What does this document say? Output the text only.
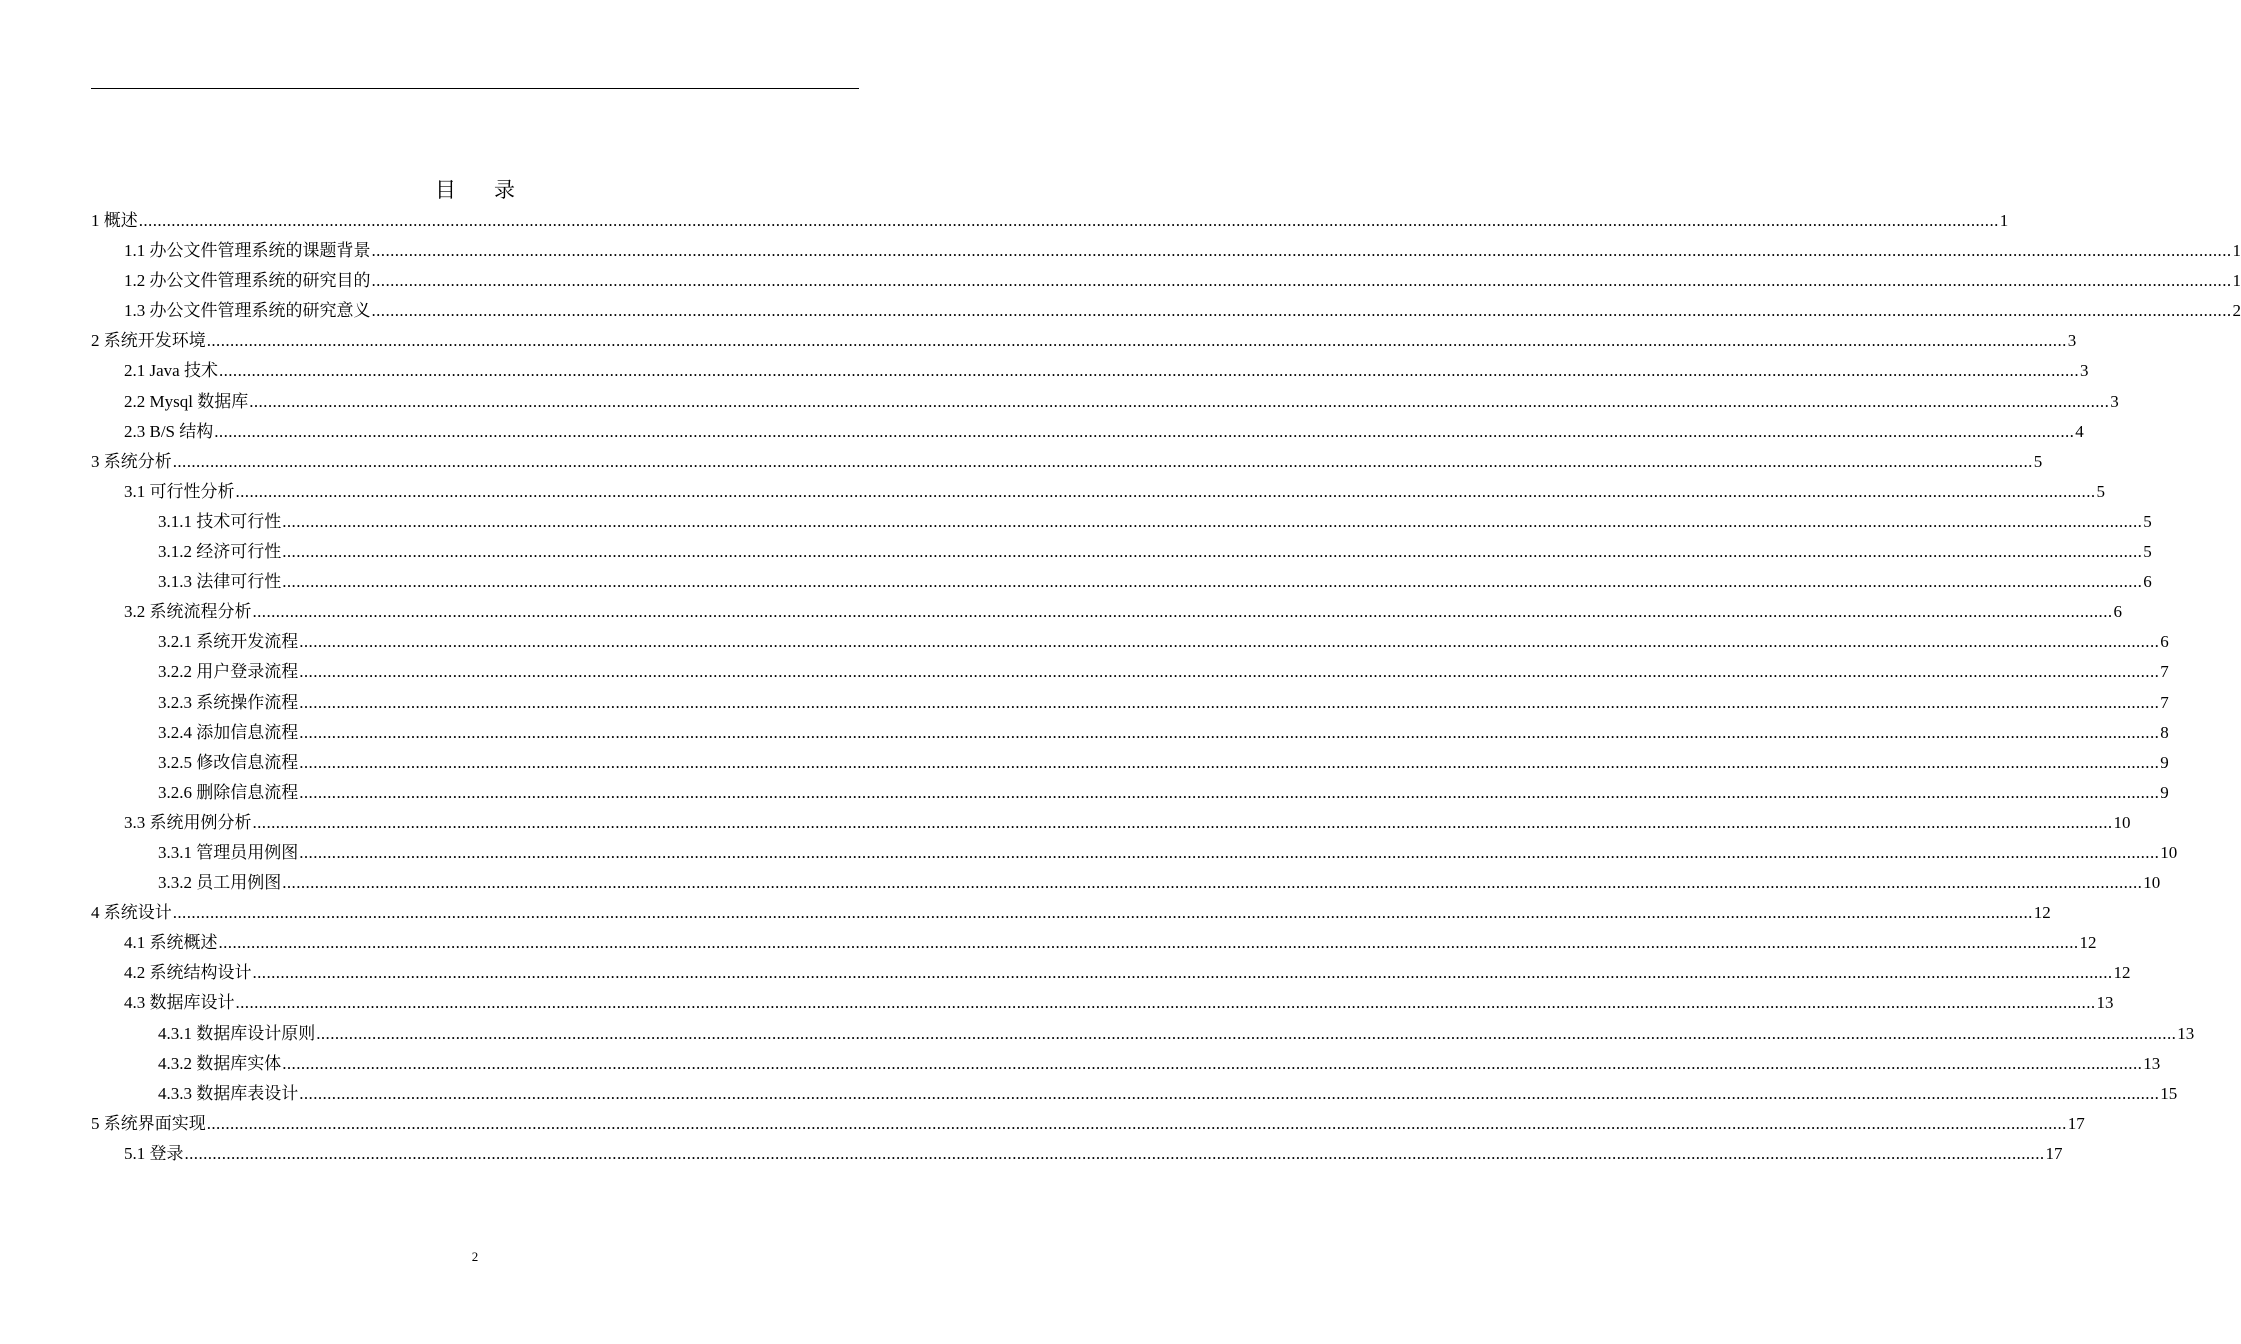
目录
1 概述 ................................................................................................................................................................................................................................................................................................................................................................................................................ 1
1.1 办公文件管理系统的课题背景 ................................................................................................................................................................................................................................................................................................................................................................................................................ 1
1.2 办公文件管理系统的研究目的 ................................................................................................................................................................................................................................................................................................................................................................................................................ 1
1.3 办公文件管理系统的研究意义 ................................................................................................................................................................................................................................................................................................................................................................................................................ 2
2 系统开发环境 ................................................................................................................................................................................................................................................................................................................................................................................................................ 3
2.1 Java 技术 ................................................................................................................................................................................................................................................................................................................................................................................................................ 3
2.2 Mysql 数据库 ................................................................................................................................................................................................................................................................................................................................................................................................................ 3
2.3 B/S 结构 ................................................................................................................................................................................................................................................................................................................................................................................................................ 4
3 系统分析 ................................................................................................................................................................................................................................................................................................................................................................................................................ 5
3.1 可行性分析 ................................................................................................................................................................................................................................................................................................................................................................................................................ 5
3.1.1 技术可行性 ................................................................................................................................................................................................................................................................................................................................................................................................................ 5
3.1.2 经济可行性 ................................................................................................................................................................................................................................................................................................................................................................................................................ 5
3.1.3 法律可行性 ................................................................................................................................................................................................................................................................................................................................................................................................................ 6
3.2 系统流程分析 ................................................................................................................................................................................................................................................................................................................................................................................................................ 6
3.2.1 系统开发流程 ................................................................................................................................................................................................................................................................................................................................................................................................................ 6
3.2.2 用户登录流程 ................................................................................................................................................................................................................................................................................................................................................................................................................ 7
3.2.3 系统操作流程 ................................................................................................................................................................................................................................................................................................................................................................................................................ 7
3.2.4 添加信息流程 ................................................................................................................................................................................................................................................................................................................................................................................................................ 8
3.2.5 修改信息流程 ................................................................................................................................................................................................................................................................................................................................................................................................................ 9
3.2.6 删除信息流程 ................................................................................................................................................................................................................................................................................................................................................................................................................ 9
3.3 系统用例分析 ................................................................................................................................................................................................................................................................................................................................................................................................................ 10
3.3.1 管理员用例图 ................................................................................................................................................................................................................................................................................................................................................................................................................ 10
3.3.2 员工用例图 ................................................................................................................................................................................................................................................................................................................................................................................................................ 10
4 系统设计 ................................................................................................................................................................................................................................................................................................................................................................................................................ 12
4.1 系统概述 ................................................................................................................................................................................................................................................................................................................................................................................................................ 12
4.2 系统结构设计 ................................................................................................................................................................................................................................................................................................................................................................................................................ 12
4.3 数据库设计 ................................................................................................................................................................................................................................................................................................................................................................................................................ 13
4.3.1 数据库设计原则 ................................................................................................................................................................................................................................................................................................................................................................................................................ 13
4.3.2 数据库实体 ................................................................................................................................................................................................................................................................................................................................................................................................................ 13
4.3.3 数据库表设计 ................................................................................................................................................................................................................................................................................................................................................................................................................ 15
5 系统界面实现 ................................................................................................................................................................................................................................................................................................................................................................................................................ 17
5.1 登录 ................................................................................................................................................................................................................................................................................................................................................................................................................ 17
2
